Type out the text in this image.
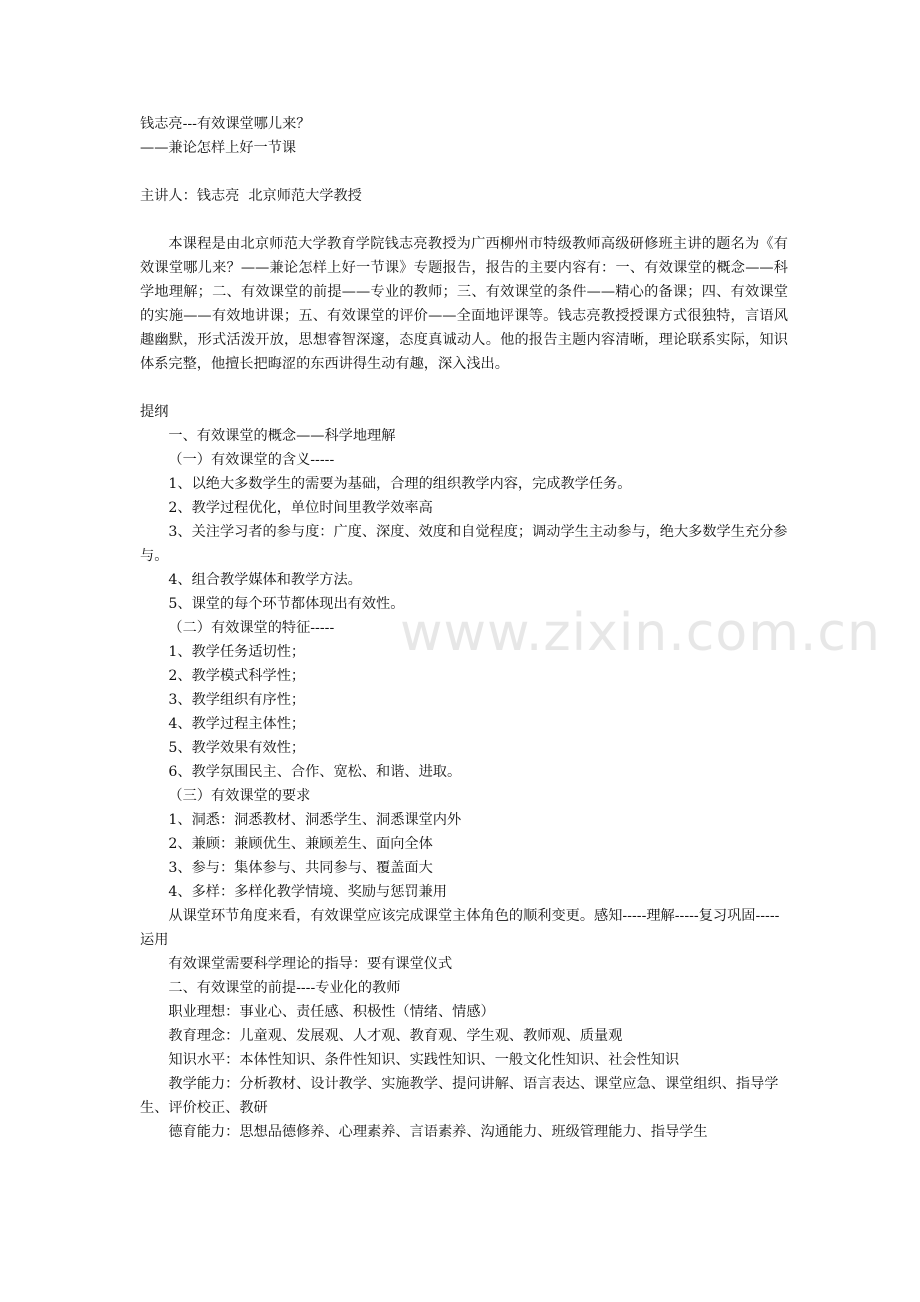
钱志亮---有效课堂哪儿来？

——兼论怎样上好一节课

主讲人：钱志亮  北京师范大学教授

本课程是由北京师范大学教育学院钱志亮教授为广西柳州市特级教师高级研修班主讲的题名为《有效课堂哪儿来？——兼论怎样上好一节课》专题报告，报告的主要内容有：一、有效课堂的概念——科学地理解；二、有效课堂的前提——专业的教师；三、有效课堂的条件——精心的备课；四、有效课堂的实施——有效地讲课；五、有效课堂的评价——全面地评课等。钱志亮教授授课方式很独特，言语风趣幽默，形式活泼开放，思想睿智深邃，态度真诚动人。他的报告主题内容清晰，理论联系实际，知识体系完整，他擅长把晦涩的东西讲得生动有趣，深入浅出。

提纲

一、有效课堂的概念——科学地理解

（一）有效课堂的含义-----

1、以绝大多数学生的需要为基础，合理的组织教学内容，完成教学任务。

2、教学过程优化，单位时间里教学效率高

3、关注学习者的参与度：广度、深度、效度和自觉程度；调动学生主动参与，绝大多数学生充分参与。

4、组合教学媒体和教学方法。

5、课堂的每个环节都体现出有效性。

（二）有效课堂的特征-----

1、教学任务适切性；

2、教学模式科学性；

3、教学组织有序性；

4、教学过程主体性；

5、教学效果有效性；

6、教学氛围民主、合作、宽松、和谐、进取。

（三）有效课堂的要求

1、洞悉：洞悉教材、洞悉学生、洞悉课堂内外

2、兼顾：兼顾优生、兼顾差生、面向全体

3、参与：集体参与、共同参与、覆盖面大

4、多样：多样化教学情境、奖励与惩罚兼用

从课堂环节角度来看，有效课堂应该完成课堂主体角色的顺利变更。感知-----理解-----复习巩固-----运用

有效课堂需要科学理论的指导：要有课堂仪式

二、有效课堂的前提----专业化的教师

职业理想：事业心、责任感、积极性（情绪、情感）

教育理念：儿童观、发展观、人才观、教育观、学生观、教师观、质量观

知识水平：本体性知识、条件性知识、实践性知识、一般文化性知识、社会性知识

教学能力：分析教材、设计教学、实施教学、提问讲解、语言表达、课堂应急、课堂组织、指导学生、评价校正、教研

德育能力：思想品德修养、心理素养、言语素养、沟通能力、班级管理能力、指导学生

www.zixin.com.cn
